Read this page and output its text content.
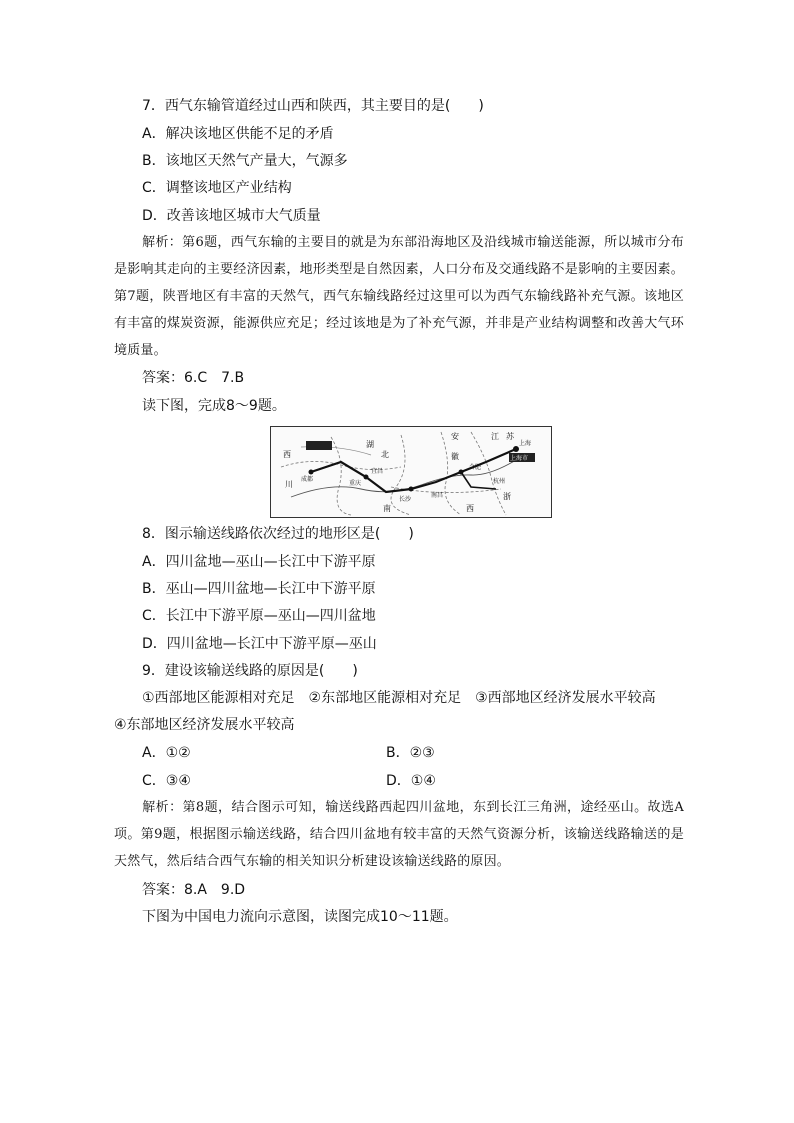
7．西气东输管道经过山西和陕西，其主要目的是(　　)
A．解决该地区供能不足的矛盾
B．该地区天然气产量大，气源多
C．调整该地区产业结构
D．改善该地区城市大气质量
解析：第6题，西气东输的主要目的就是为东部沿海地区及沿线城市输送能源，所以城市分布是影响其走向的主要经济因素，地形类型是自然因素，人口分布及交通线路不是影响的主要因素。第7题，陕晋地区有丰富的天然气，西气东输线路经过这里可以为西气东输线路补充气源。该地区有丰富的煤炭资源，能源供应充足；经过该地是为了补充气源，并非是产业结构调整和改善大气环境质量。
答案：6.C　7.B
读下图，完成8～9题。
西
川
湖
北
南
安
徽
江 苏
浙
西
上海
上海市
合肥
成都
重庆
宜昌
长沙
南昌
杭州
8．图示输送线路依次经过的地形区是(　　)
A．四川盆地—巫山—长江中下游平原
B．巫山—四川盆地—长江中下游平原
C．长江中下游平原—巫山—四川盆地
D．四川盆地—长江中下游平原—巫山
9．建设该输送线路的原因是(　　)
①西部地区能源相对充足　②东部地区能源相对充足　③西部地区经济发展水平较高
④东部地区经济发展水平较高
A．①②	B．②③
C．③④	D．①④
解析：第8题，结合图示可知，输送线路西起四川盆地，东到长江三角洲，途经巫山。故选A项。第9题，根据图示输送线路，结合四川盆地有较丰富的天然气资源分析，该输送线路输送的是天然气，然后结合西气东输的相关知识分析建设该输送线路的原因。
答案：8.A　9.D
下图为中国电力流向示意图，读图完成10～11题。
